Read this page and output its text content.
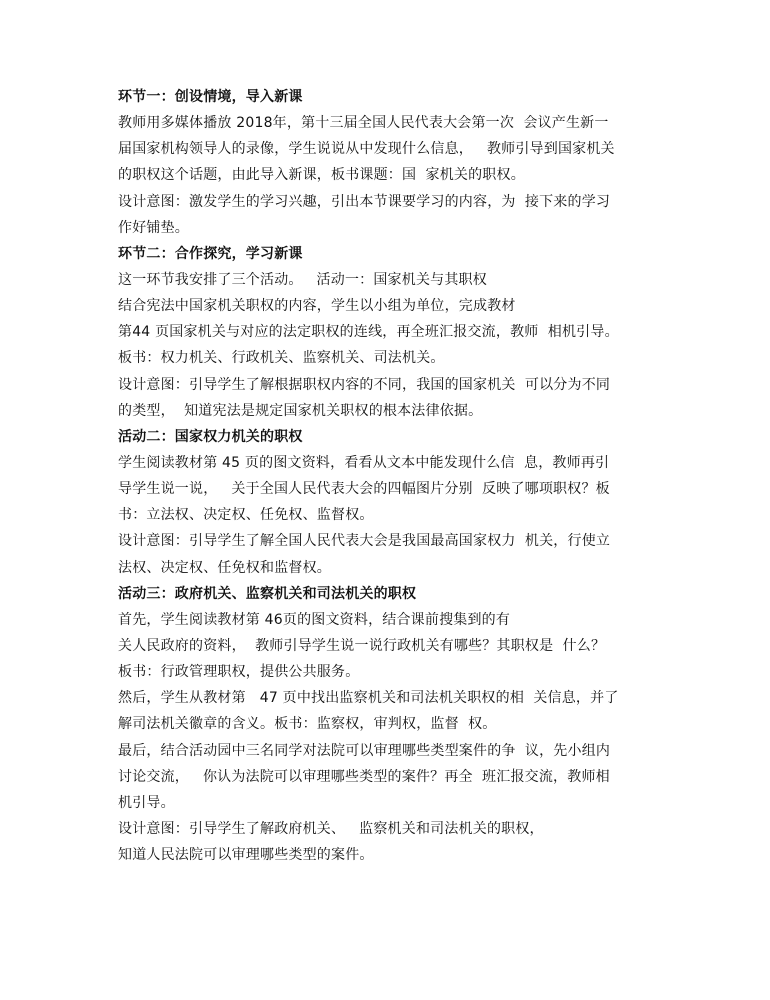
环节一：创设情境，导入新课
教师用多媒体播放 2018年，第十三届全国人民代表大会第一次  会议产生新一
届国家机构领导人的录像，学生说说从中发现什么信息，   教师引导到国家机关
的职权这个话题，由此导入新课，板书课题：国  家机关的职权。
设计意图：激发学生的学习兴趣，引出本节课要学习的内容，为  接下来的学习
作好铺垫。
环节二：合作探究，学习新课
这一环节我安排了三个活动。   活动一：国家机关与其职权
结合宪法中国家机关职权的内容，学生以小组为单位，完成教材
第44 页国家机关与对应的法定职权的连线，再全班汇报交流，教师  相机引导。
板书：权力机关、行政机关、监察机关、司法机关。
设计意图：引导学生了解根据职权内容的不同，我国的国家机关  可以分为不同
的类型，  知道宪法是规定国家机关职权的根本法律依据。
活动二：国家权力机关的职权
学生阅读教材第 45 页的图文资料，看看从文本中能发现什么信  息，教师再引
导学生说一说，   关于全国人民代表大会的四幅图片分别  反映了哪项职权？板
书：立法权、决定权、任免权、监督权。
设计意图：引导学生了解全国人民代表大会是我国最高国家权力  机关，行使立
法权、决定权、任免权和监督权。
活动三：政府机关、监察机关和司法机关的职权
首先，学生阅读教材第 46页的图文资料，结合课前搜集到的有
关人民政府的资料，  教师引导学生说一说行政机关有哪些？其职权是  什么？
板书：行政管理职权，提供公共服务。
然后，学生从教材第   47 页中找出监察机关和司法机关职权的相  关信息，并了
解司法机关徽章的含义。板书：监察权，审判权，监督  权。
最后，结合活动园中三名同学对法院可以审理哪些类型案件的争  议，先小组内
讨论交流，   你认为法院可以审理哪些类型的案件？再全  班汇报交流，教师相
机引导。
设计意图：引导学生了解政府机关、   监察机关和司法机关的职权，
知道人民法院可以审理哪些类型的案件。
